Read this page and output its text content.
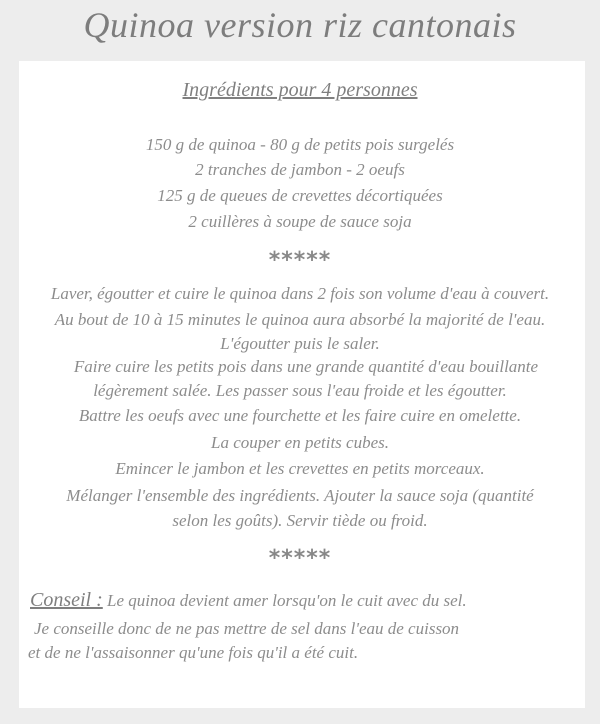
Quinoa version riz cantonais
Ingrédients pour 4 personnes
150 g de quinoa - 80 g de petits pois surgelés
2 tranches de jambon - 2 oeufs
125 g de queues de crevettes décortiquées
2 cuillères à soupe de sauce soja
*****
Laver, égoutter et cuire le quinoa dans 2 fois son volume d'eau à couvert.
Au bout de 10 à 15 minutes le quinoa aura absorbé la majorité de l'eau.
L'égoutter puis le saler.
Faire cuire les petits pois dans une grande quantité d'eau bouillante
légèrement salée. Les passer sous l'eau froide et les égoutter.
Battre les oeufs avec une fourchette et les faire cuire en omelette.
La couper en petits cubes.
Emincer le jambon et les crevettes en petits morceaux.
Mélanger l'ensemble des ingrédients. Ajouter la sauce soja (quantité
selon les goûts). Servir tiède ou froid.
*****
Conseil : Le quinoa devient amer lorsqu'on le cuit avec du sel.
Je conseille donc de ne pas mettre de sel dans l'eau de cuisson
et de ne l'assaisonner qu'une fois qu'il a été cuit.
